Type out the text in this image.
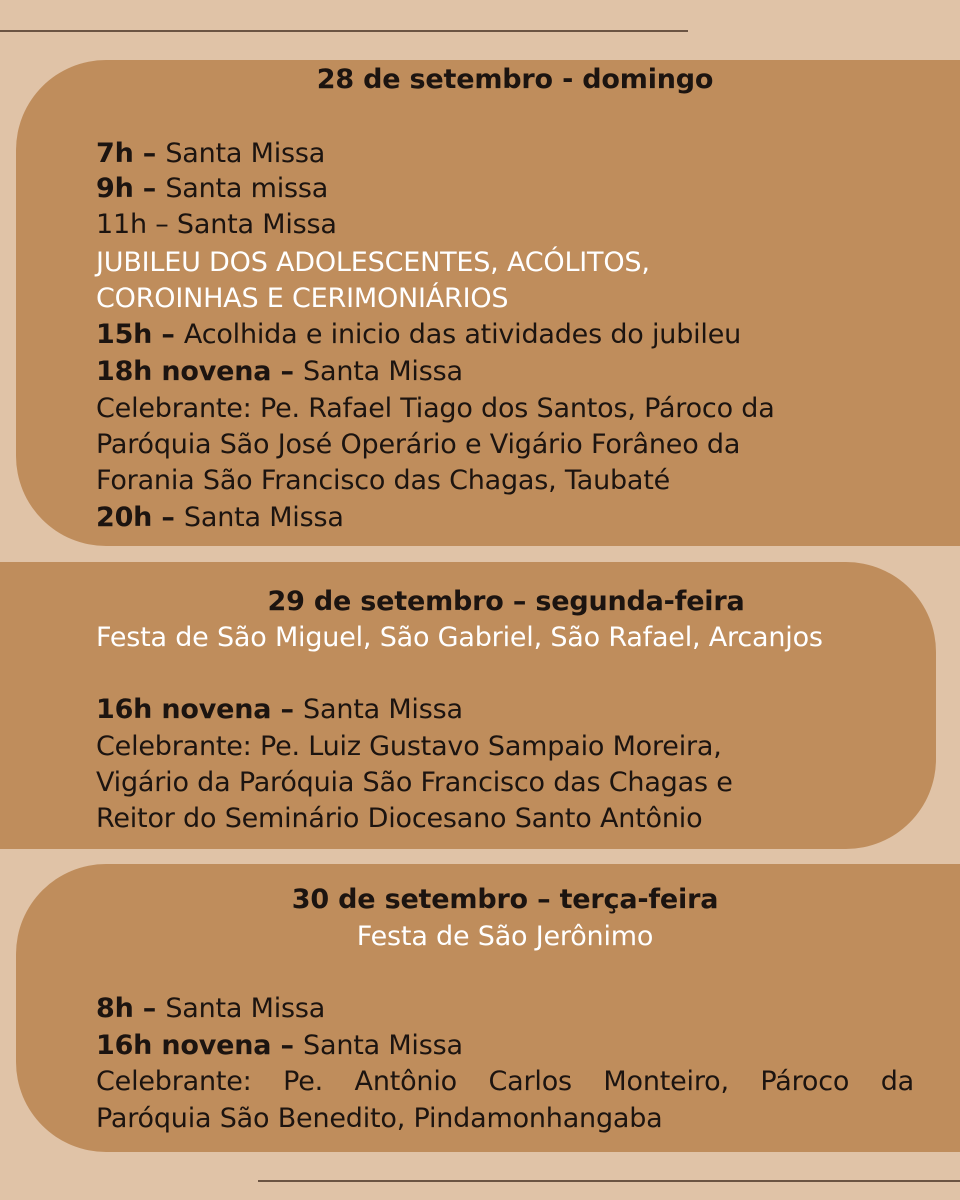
28 de setembro - domingo
7h – Santa Missa
9h – Santa missa
11h – Santa Missa
JUBILEU DOS ADOLESCENTES, ACÓLITOS,
COROINHAS E CERIMONIÁRIOS
15h – Acolhida e inicio das atividades do jubileu
18h novena – Santa Missa
Celebrante: Pe. Rafael Tiago dos Santos, Pároco da
Paróquia São José Operário e Vigário Forâneo da
Forania São Francisco das Chagas, Taubaté
20h – Santa Missa
29 de setembro – segunda-feira
Festa de São Miguel, São Gabriel, São Rafael, Arcanjos
16h novena – Santa Missa
Celebrante: Pe. Luiz Gustavo Sampaio Moreira,
Vigário da Paróquia São Francisco das Chagas e
Reitor do Seminário Diocesano Santo Antônio
30 de setembro – terça-feira
Festa de São Jerônimo
8h – Santa Missa
16h novena – Santa Missa
Celebrante: Pe. Antônio Carlos Monteiro, Pároco da
Paróquia São Benedito, Pindamonhangaba
